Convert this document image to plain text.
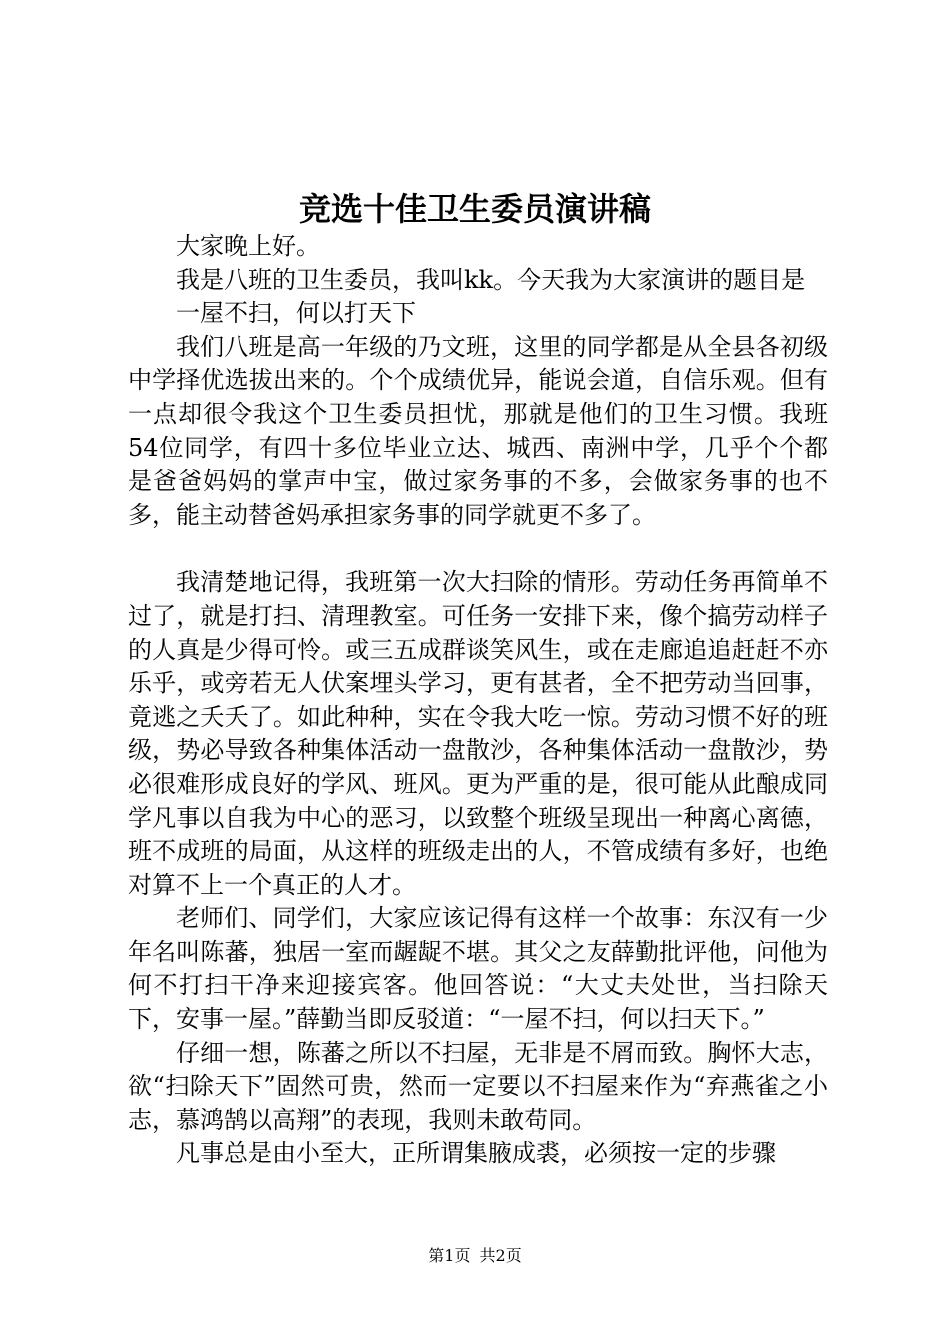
竞选十佳卫生委员演讲稿

大家晚上好。

我是八班的卫生委员，我叫kk。今天我为大家演讲的题目是

一屋不扫，何以打天下

我们八班是高一年级的乃文班，这里的同学都是从全县各初级中学择优选拔出来的。个个成绩优异，能说会道，自信乐观。但有一点却很令我这个卫生委员担忧，那就是他们的卫生习惯。我班54位同学，有四十多位毕业立达、城西、南洲中学，几乎个个都是爸爸妈妈的掌声中宝，做过家务事的不多，会做家务事的也不多，能主动替爸妈承担家务事的同学就更不多了。

我清楚地记得，我班第一次大扫除的情形。劳动任务再简单不过了，就是打扫、清理教室。可任务一安排下来，像个搞劳动样子的人真是少得可怜。或三五成群谈笑风生，或在走廊追追赶赶不亦乐乎，或旁若无人伏案埋头学习，更有甚者，全不把劳动当回事，竟逃之夭夭了。如此种种，实在令我大吃一惊。劳动习惯不好的班级，势必导致各种集体活动一盘散沙，各种集体活动一盘散沙，势必很难形成良好的学风、班风。更为严重的是，很可能从此酿成同学凡事以自我为中心的恶习，以致整个班级呈现出一种离心离德，班不成班的局面，从这样的班级走出的人，不管成绩有多好，也绝对算不上一个真正的人才。

老师们、同学们，大家应该记得有这样一个故事：东汉有一少年名叫陈蕃，独居一室而龌龊不堪。其父之友薛勤批评他，问他为何不打扫干净来迎接宾客。他回答说：“大丈夫处世，当扫除天下，安事一屋。”薛勤当即反驳道：“一屋不扫，何以扫天下。”

仔细一想，陈蕃之所以不扫屋，无非是不屑而致。胸怀大志，欲“扫除天下”固然可贵，然而一定要以不扫屋来作为“弃燕雀之小志，慕鸿鹄以高翔”的表现，我则未敢苟同。

凡事总是由小至大，正所谓集腋成裘，必须按一定的步骤

第1页 共2页
